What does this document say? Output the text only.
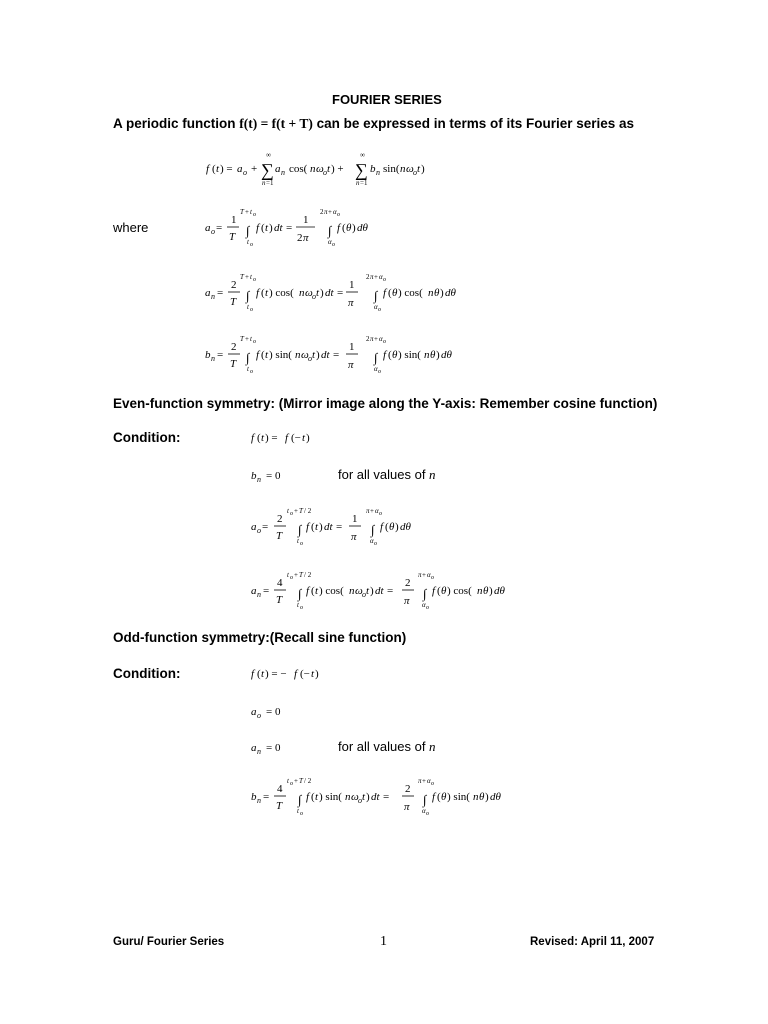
FOURIER SERIES
A periodic function f(t) = f(t + T) can be expressed in terms of its Fourier series as
f ( t ) = a o + ∑
∞
n =1
a n cos( n ω o t ) + ∑
∞
n =1
b n sin( n ω o t )
where	a o =
1
T
T + t o
∫
t o
f ( t ) dt =
1
2 π
2 π + α o
∫
α o
f ( θ ) dθ
a n =
2
T
T + t o
∫
t o
f ( t ) cos( n ω o t ) dt =
1
π
2 π + α o
∫
α o
f ( θ ) cos( n θ ) dθ
b n =
2
T
T + t o
∫
t o
f ( t ) sin( n ω o t ) dt =
1
π
2 π + α o
∫
α o
f ( θ ) sin( n θ ) dθ
Even-function symmetry: (Mirror image along the Y-axis: Remember cosine function)
Condition:	f ( t ) = f (− t )
b n = 0	for all values of n
a o =
2
T
t o + T / 2
∫
t o
f ( t ) dt =
1
π
π + α o
∫
α o
f ( θ ) dθ
a n =
4
T
t o + T / 2
∫
t o
f ( t ) cos( n ω o t ) dt =
2
π
π + α o
∫
α o
f ( θ ) cos( n θ ) dθ
Odd-function symmetry:(Recall sine function)
Condition:	f ( t ) = − f (− t )
a o = 0
a n = 0	for all values of n
b n =
4
T
t o + T / 2
∫
t o
f ( t ) sin( n ω o t ) dt =
2
π
π + α o
∫
α o
f ( θ ) sin( n θ ) dθ
Guru/ Fourier Series	1	Revised: April 11, 2007
